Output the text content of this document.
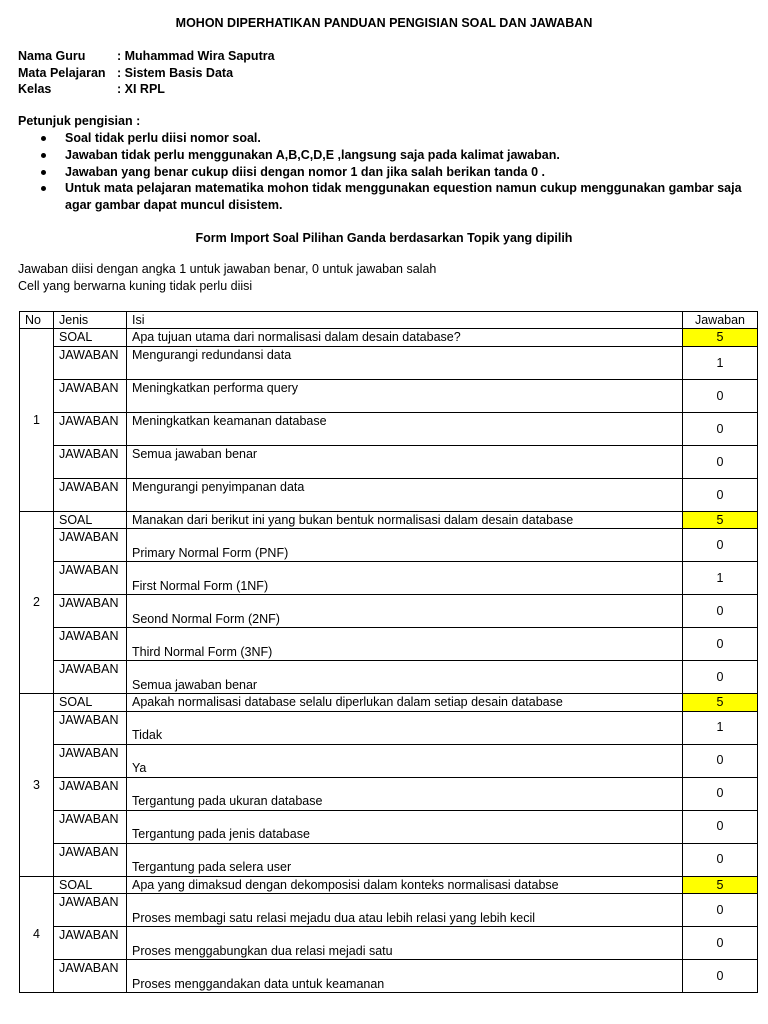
MOHON DIPERHATIKAN PANDUAN PENGISIAN SOAL DAN JAWABAN
Nama Guru	: Muhammad Wira Saputra
Mata Pelajaran : Sistem Basis Data
Kelas	: XI RPL
Petunjuk pengisian :
Soal tidak perlu diisi nomor soal.
Jawaban tidak perlu menggunakan A,B,C,D,E ,langsung saja pada kalimat jawaban.
Jawaban yang benar cukup diisi dengan nomor 1 dan jika salah berikan tanda 0 .
Untuk mata pelajaran matematika mohon tidak menggunakan equestion namun cukup menggunakan gambar saja agar gambar dapat muncul disistem.
Form Import Soal Pilihan Ganda berdasarkan Topik yang dipilih
Jawaban diisi dengan angka 1 untuk jawaban benar, 0 untuk jawaban salah
Cell yang berwarna kuning tidak perlu diisi
No	Jenis	Isi	Jawaban
1	SOAL	Apa tujuan utama dari normalisasi dalam desain database?	5
	JAWABAN	Mengurangi redundansi data	1
	JAWABAN	Meningkatkan performa query	0
	JAWABAN	Meningkatkan keamanan database	0
	JAWABAN	Semua jawaban benar	0
	JAWABAN	Mengurangi penyimpanan data	0
2	SOAL	Manakan dari berikut ini yang bukan bentuk normalisasi dalam desain database	5
	JAWABAN	Primary Normal Form (PNF)	0
	JAWABAN	First Normal Form (1NF)	1
	JAWABAN	Seond Normal Form (2NF)	0
	JAWABAN	Third Normal Form (3NF)	0
	JAWABAN	Semua jawaban benar	0
3	SOAL	Apakah normalisasi database selalu diperlukan dalam setiap desain database	5
	JAWABAN	Tidak	1
	JAWABAN	Ya	0
	JAWABAN	Tergantung pada ukuran database	0
	JAWABAN	Tergantung pada jenis database	0
	JAWABAN	Tergantung pada selera user	0
4	SOAL	Apa yang dimaksud dengan dekomposisi dalam konteks normalisasi databse	5
	JAWABAN	Proses membagi satu relasi mejadu dua atau lebih relasi yang lebih kecil	0
	JAWABAN	Proses menggabungkan dua relasi mejadi satu	0
	JAWABAN	Proses menggandakan data untuk keamanan	0
